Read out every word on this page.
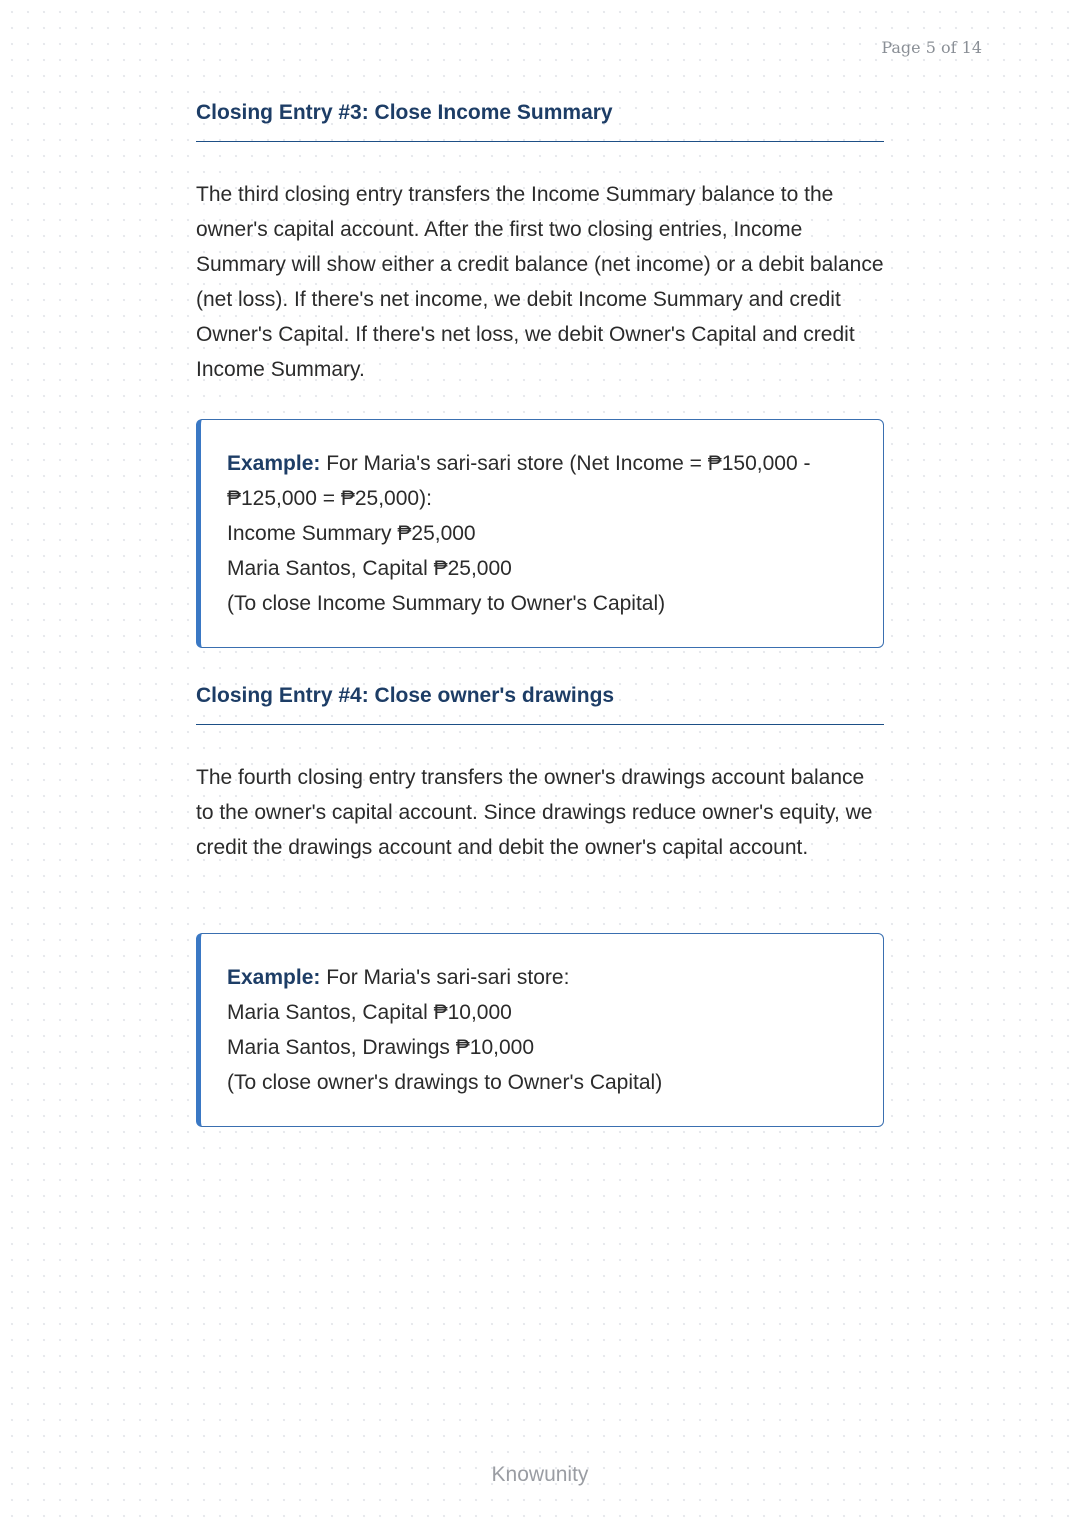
Page 5 of 14
Closing Entry #3: Close Income Summary

The third closing entry transfers the Income Summary balance to the owner's capital account. After the first two closing entries, Income Summary will show either a credit balance (net income) or a debit balance (net loss). If there's net income, we debit Income Summary and credit Owner's Capital. If there's net loss, we debit Owner's Capital and credit Income Summary.

Example: For Maria's sari-sari store (Net Income = ₱150,000 - ₱125,000 = ₱25,000):
Income Summary ₱25,000
Maria Santos, Capital ₱25,000
(To close Income Summary to Owner's Capital)
Closing Entry #4: Close owner's drawings

The fourth closing entry transfers the owner's drawings account balance to the owner's capital account. Since drawings reduce owner's equity, we credit the drawings account and debit the owner's capital account.

Example: For Maria's sari-sari store:
Maria Santos, Capital ₱10,000
Maria Santos, Drawings ₱10,000
(To close owner's drawings to Owner's Capital)
Knowunity
